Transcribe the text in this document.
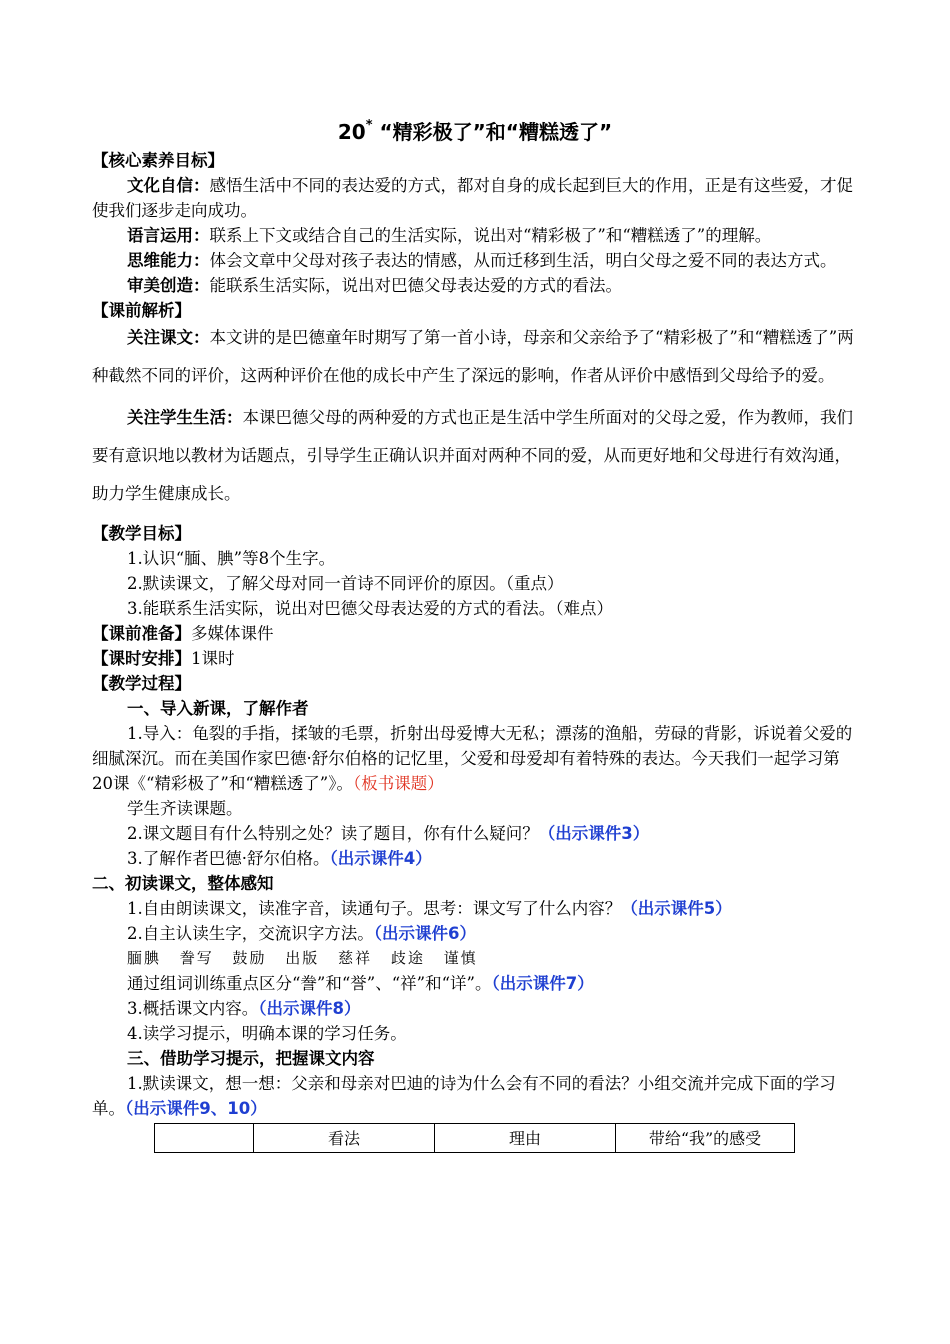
20* “精彩极了”和“糟糕透了”

【核心素养目标】

文化自信：感悟生活中不同的表达爱的方式，都对自身的成长起到巨大的作用，正是有这些爱，才促使我们逐步走向成功。

语言运用：联系上下文或结合自己的生活实际，说出对“精彩极了”和“糟糕透了”的理解。

思维能力：体会文章中父母对孩子表达的情感，从而迁移到生活，明白父母之爱不同的表达方式。

审美创造：能联系生活实际，说出对巴德父母表达爱的方式的看法。

【课前解析】

关注课文：本文讲的是巴德童年时期写了第一首小诗，母亲和父亲给予了“精彩极了”和“糟糕透了”两种截然不同的评价，这两种评价在他的成长中产生了深远的影响，作者从评价中感悟到父母给予的爱。

关注学生生活：本课巴德父母的两种爱的方式也正是生活中学生所面对的父母之爱，作为教师，我们要有意识地以教材为话题点，引导学生正确认识并面对两种不同的爱，从而更好地和父母进行有效沟通，助力学生健康成长。

【教学目标】

1.认识“腼、腆”等8个生字。

2.默读课文，了解父母对同一首诗不同评价的原因。（重点）

3.能联系生活实际，说出对巴德父母表达爱的方式的看法。（难点）

【课前准备】多媒体课件

【课时安排】1课时

【教学过程】

一、导入新课，了解作者

1.导入：龟裂的手指，揉皱的毛票，折射出母爱博大无私；漂荡的渔船，劳碌的背影，诉说着父爱的细腻深沉。而在美国作家巴德·舒尔伯格的记忆里，父爱和母爱却有着特殊的表达。今天我们一起学习第20课《“精彩极了”和“糟糕透了”》。（板书课题）

学生齐读课题。

2.课文题目有什么特别之处？读了题目，你有什么疑问？（出示课件3）

3.了解作者巴德·舒尔伯格。（出示课件4）

二、初读课文，整体感知

1.自由朗读课文，读准字音，读通句子。思考：课文写了什么内容？（出示课件5）

2.自主认读生字，交流识字方法。（出示课件6）

腼腆 誊写 鼓励 出版 慈祥 歧途 谨慎

通过组词训练重点区分“誊”和“誉”、“祥”和“详”。（出示课件7）

3.概括课文内容。（出示课件8）

4.读学习提示，明确本课的学习任务。

三、借助学习提示，把握课文内容

1.默读课文，想一想：父亲和母亲对巴迪的诗为什么会有不同的看法？小组交流并完成下面的学习单。（出示课件9、10）

	看法	理由	带给“我”的感受
